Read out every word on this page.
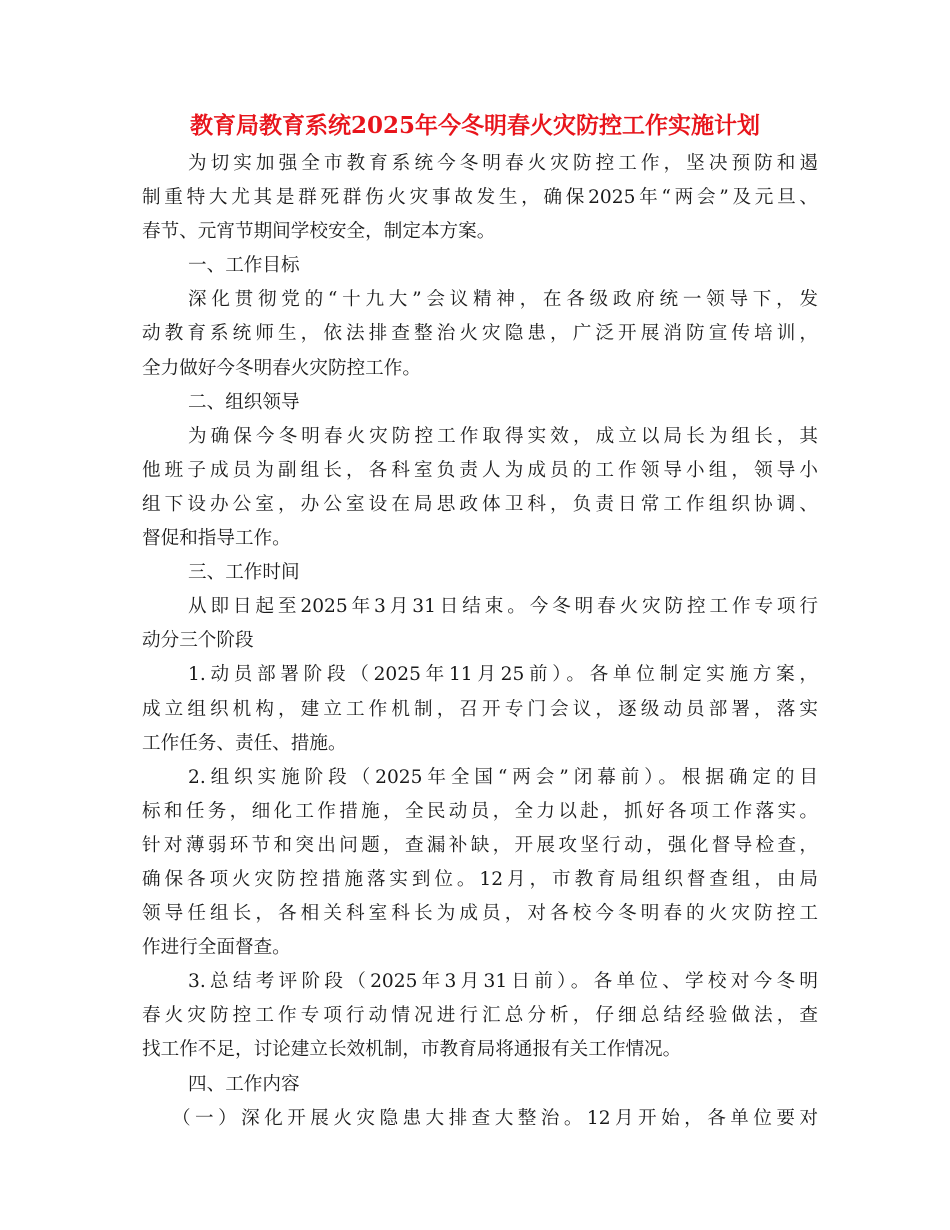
教育局教育系统2025年今冬明春火灾防控工作实施计划
为切实加强全市教育系统今冬明春火灾防控工作，坚决预防和遏
制重特大尤其是群死群伤火灾事故发生，确保2025年“两会”及元旦、
春节、元宵节期间学校安全，制定本方案。
一、工作目标
深化贯彻党的“十九大”会议精神，在各级政府统一领导下，发
动教育系统师生，依法排查整治火灾隐患，广泛开展消防宣传培训，
全力做好今冬明春火灾防控工作。
二、组织领导
为确保今冬明春火灾防控工作取得实效，成立以局长为组长，其
他班子成员为副组长，各科室负责人为成员的工作领导小组，领导小
组下设办公室，办公室设在局思政体卫科，负责日常工作组织协调、
督促和指导工作。
三、工作时间
从即日起至2025年3月31日结束。今冬明春火灾防控工作专项行
动分三个阶段
1.动员部署阶段（2025年11月25前）。各单位制定实施方案，
成立组织机构，建立工作机制，召开专门会议，逐级动员部署，落实
工作任务、责任、措施。
2.组织实施阶段（2025年全国“两会”闭幕前）。根据确定的目
标和任务，细化工作措施，全民动员，全力以赴，抓好各项工作落实。
针对薄弱环节和突出问题，查漏补缺，开展攻坚行动，强化督导检查，
确保各项火灾防控措施落实到位。12月，市教育局组织督查组，由局
领导任组长，各相关科室科长为成员，对各校今冬明春的火灾防控工
作进行全面督查。
3.总结考评阶段（2025年3月31日前）。各单位、学校对今冬明
春火灾防控工作专项行动情况进行汇总分析，仔细总结经验做法，查
找工作不足，讨论建立长效机制，市教育局将通报有关工作情况。
四、工作内容
（一）深化开展火灾隐患大排查大整治。12月开始，各单位要对
